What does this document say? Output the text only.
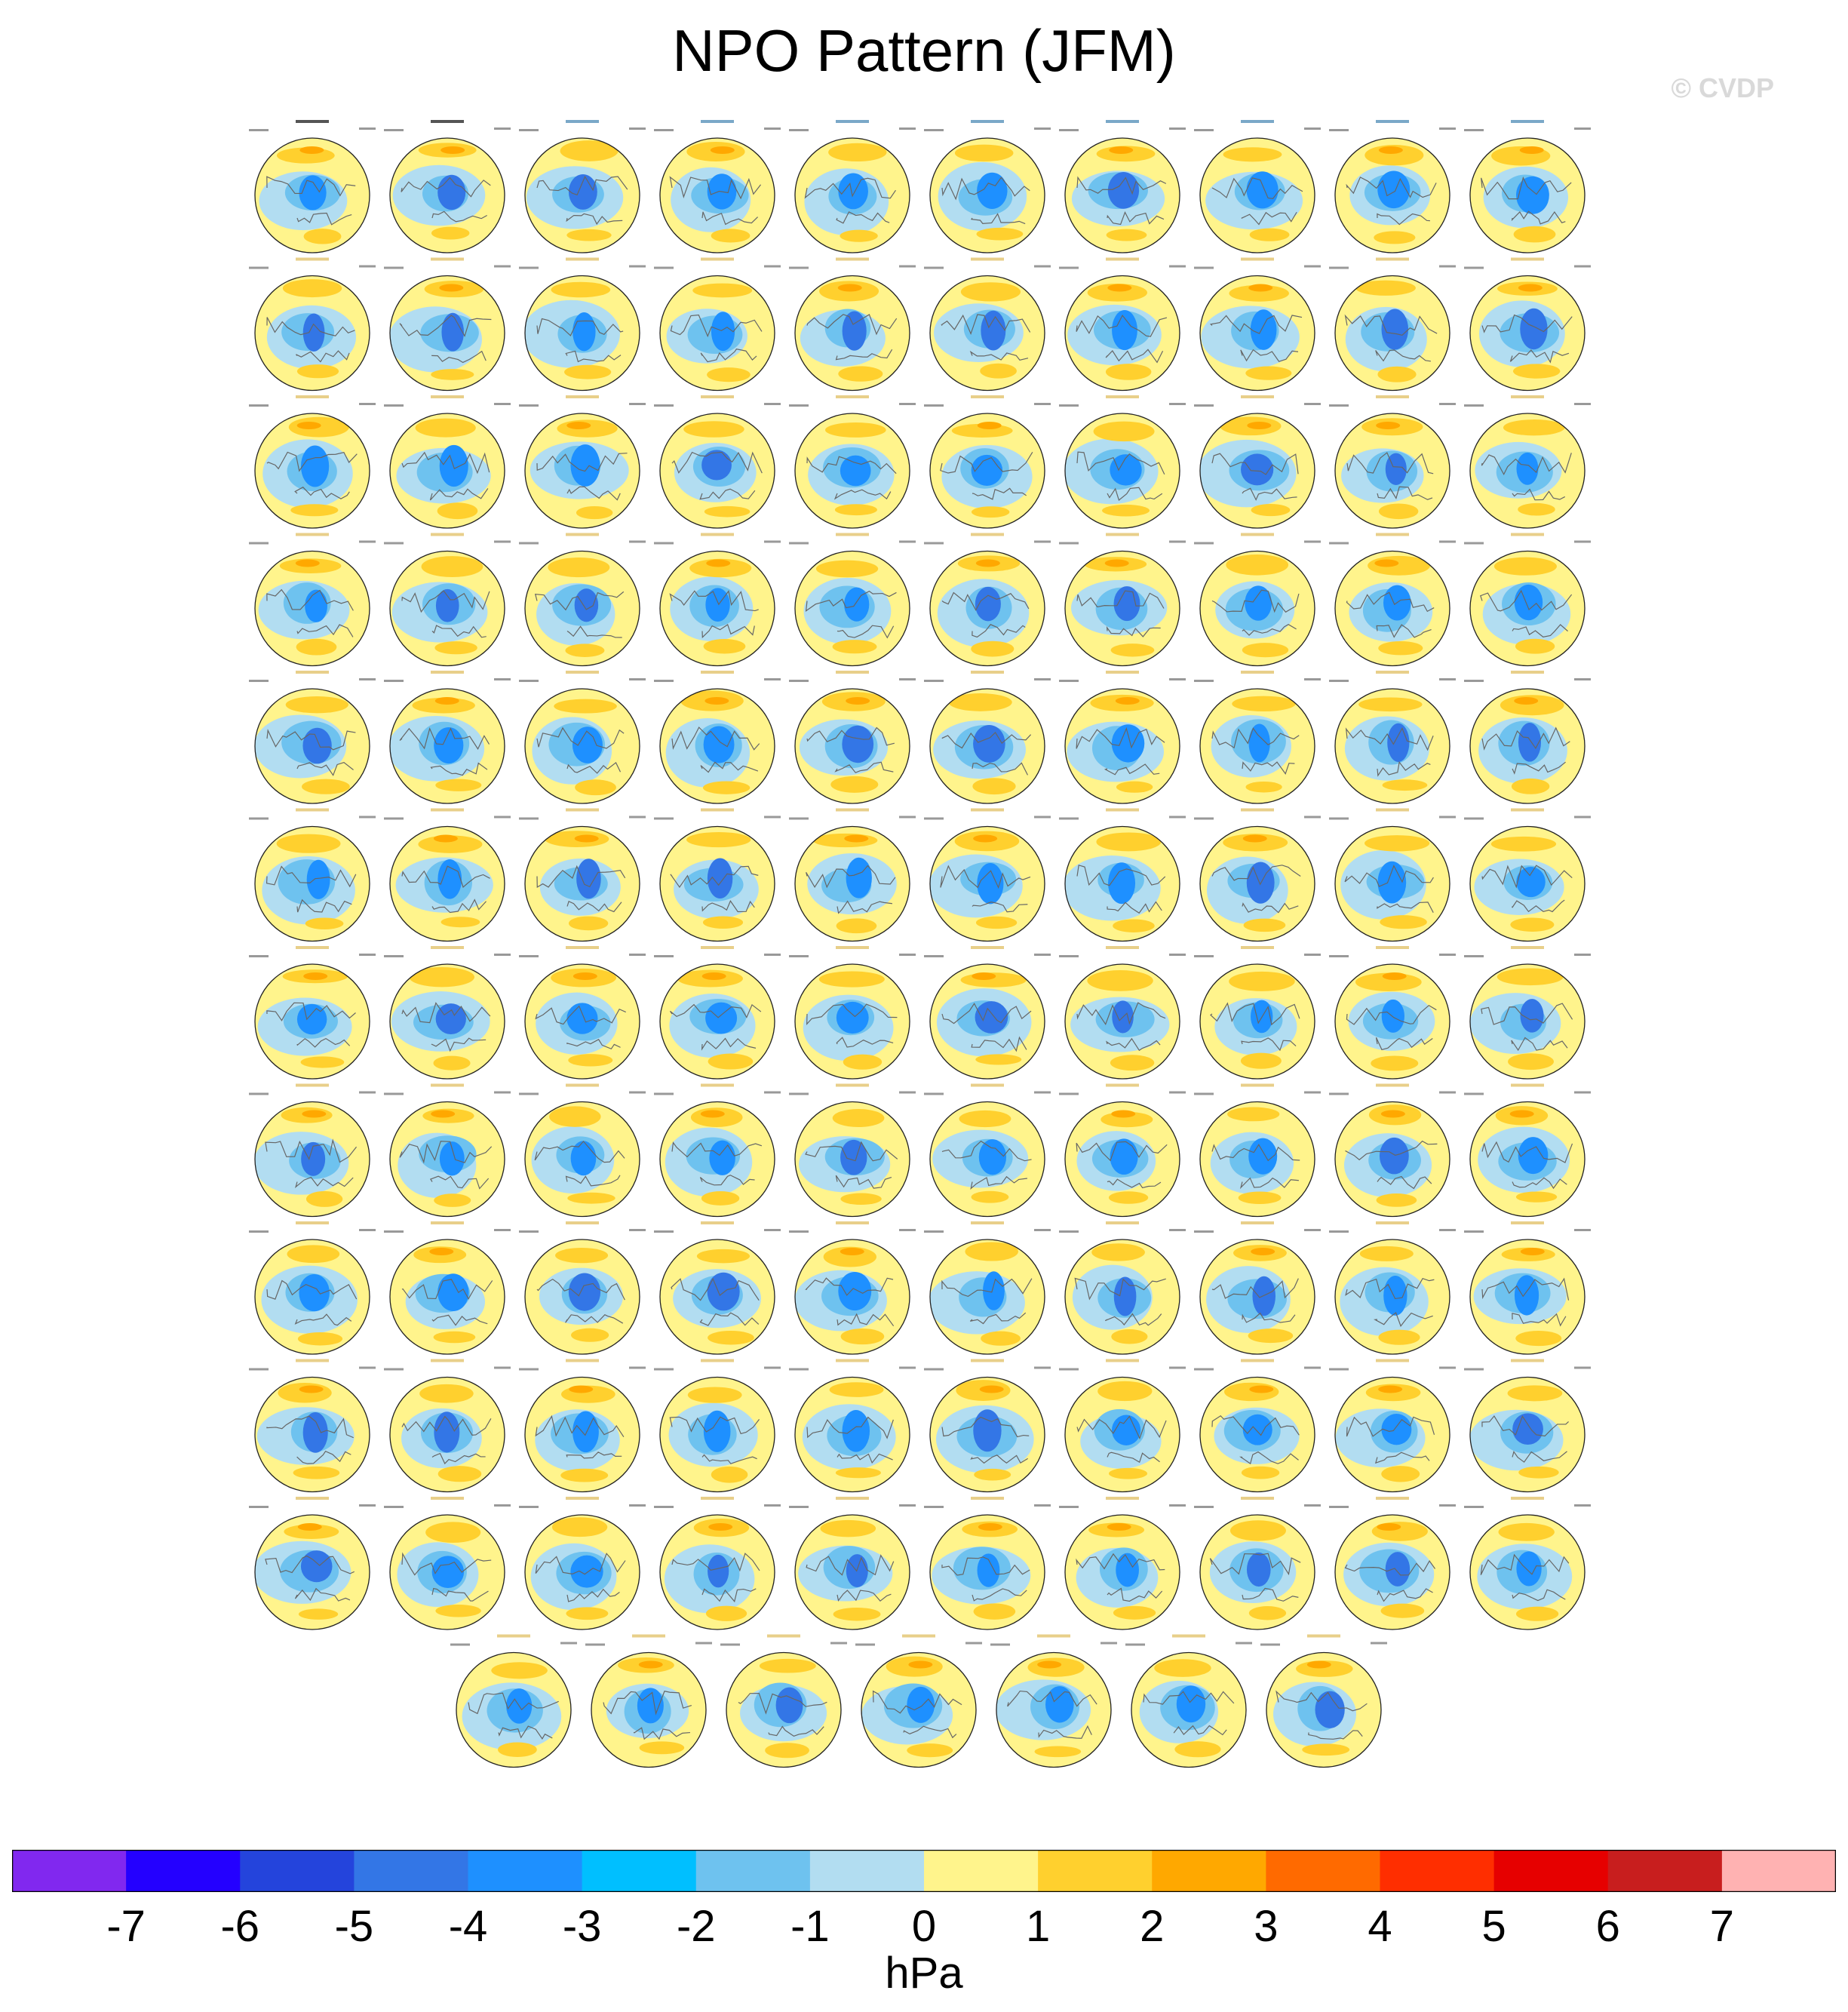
NPO Pattern (JFM)
© CVDP
-7 -6 -5 -4 -3 -2 -1 0 1 2 3 4 5 6 7
hPa
